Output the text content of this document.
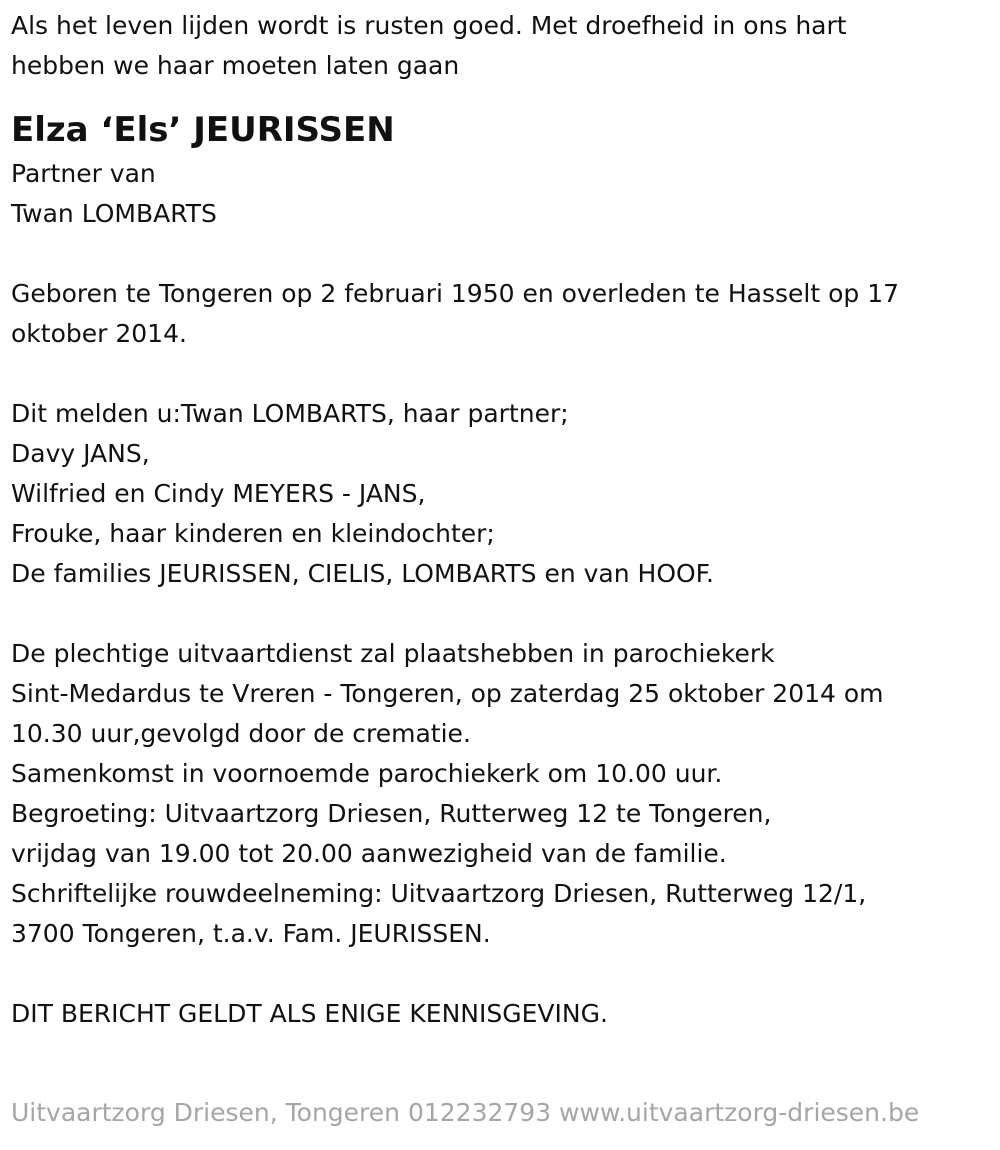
Als het leven lijden wordt is rusten goed. Met droefheid in ons hart

hebben we haar moeten laten gaan

Elza ‘Els’ JEURISSEN

Partner van

Twan LOMBARTS

Geboren te Tongeren op 2 februari 1950 en overleden te Hasselt op 17

oktober 2014.

Dit melden u:Twan LOMBARTS, haar partner;

Davy JANS,

Wilfried en Cindy MEYERS - JANS,

Frouke, haar kinderen en kleindochter;

De families JEURISSEN, CIELIS, LOMBARTS en van HOOF.

De plechtige uitvaartdienst zal plaatshebben in parochiekerk

Sint-Medardus te Vreren - Tongeren, op zaterdag 25 oktober 2014 om

10.30 uur,gevolgd door de crematie.

Samenkomst in voornoemde parochiekerk om 10.00 uur.

Begroeting: Uitvaartzorg Driesen, Rutterweg 12 te Tongeren,

vrijdag van 19.00 tot 20.00 aanwezigheid van de familie.

Schriftelijke rouwdeelneming: Uitvaartzorg Driesen, Rutterweg 12/1,

3700 Tongeren, t.a.v. Fam. JEURISSEN.

DIT BERICHT GELDT ALS ENIGE KENNISGEVING.

Uitvaartzorg Driesen, Tongeren 012232793 www.uitvaartzorg-driesen.be
